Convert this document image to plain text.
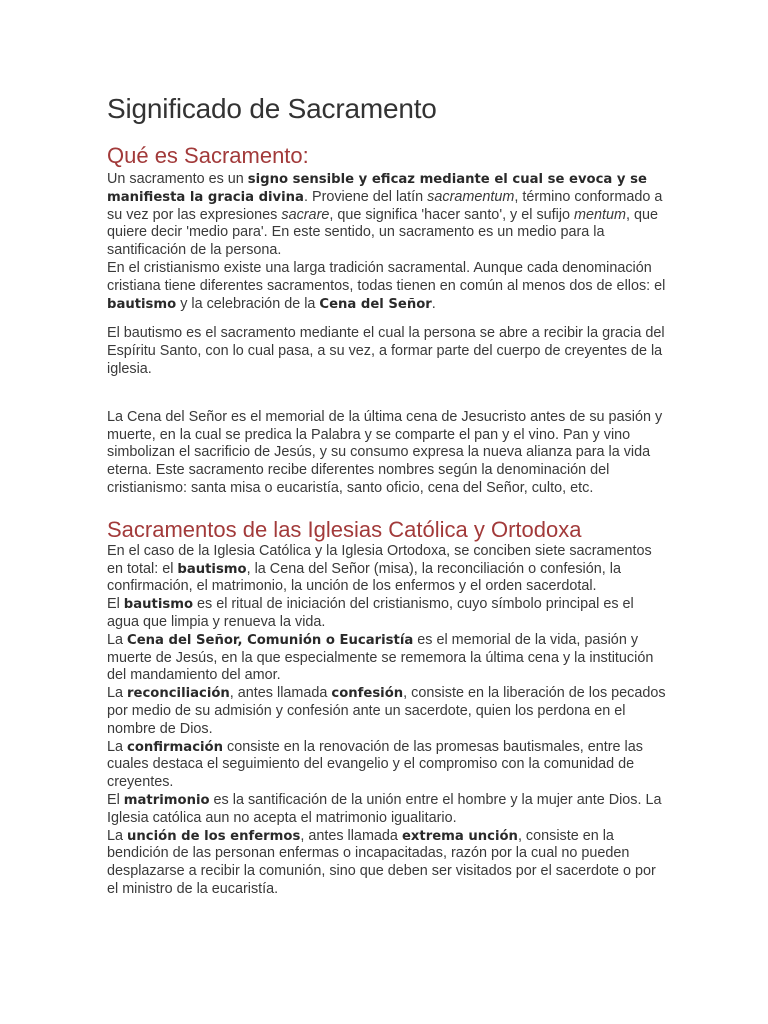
Significado de Sacramento
Qué es Sacramento:

Un sacramento es un signo sensible y eficaz mediante el cual se evoca y se manifiesta la gracia divina. Proviene del latín sacramentum, término conformado a su vez por las expresiones sacrare, que significa 'hacer santo', y el sufijo mentum, que quiere decir 'medio para'. En este sentido, un sacramento es un medio para la santificación de la persona.

En el cristianismo existe una larga tradición sacramental. Aunque cada denominación cristiana tiene diferentes sacramentos, todas tienen en común al menos dos de ellos: el bautismo y la celebración de la Cena del Señor.

El bautismo es el sacramento mediante el cual la persona se abre a recibir la gracia del Espíritu Santo, con lo cual pasa, a su vez, a formar parte del cuerpo de creyentes de la iglesia.

La Cena del Señor es el memorial de la última cena de Jesucristo antes de su pasión y muerte, en la cual se predica la Palabra y se comparte el pan y el vino. Pan y vino simbolizan el sacrificio de Jesús, y su consumo expresa la nueva alianza para la vida eterna. Este sacramento recibe diferentes nombres según la denominación del cristianismo: santa misa o eucaristía, santo oficio, cena del Señor, culto, etc.

Sacramentos de las Iglesias Católica y Ortodoxa

En el caso de la Iglesia Católica y la Iglesia Ortodoxa, se conciben siete sacramentos en total: el bautismo, la Cena del Señor (misa), la reconciliación o confesión, la confirmación, el matrimonio, la unción de los enfermos y el orden sacerdotal.

El bautismo es el ritual de iniciación del cristianismo, cuyo símbolo principal es el agua que limpia y renueva la vida.

La Cena del Señor, Comunión o Eucaristía es el memorial de la vida, pasión y muerte de Jesús, en la que especialmente se rememora la última cena y la institución del mandamiento del amor.

La reconciliación, antes llamada confesión, consiste en la liberación de los pecados por medio de su admisión y confesión ante un sacerdote, quien los perdona en el nombre de Dios.

La confirmación consiste en la renovación de las promesas bautismales, entre las cuales destaca el seguimiento del evangelio y el compromiso con la comunidad de creyentes.

El matrimonio es la santificación de la unión entre el hombre y la mujer ante Dios. La Iglesia católica aun no acepta el matrimonio igualitario.

La unción de los enfermos, antes llamada extrema unción, consiste en la bendición de las personan enfermas o incapacitadas, razón por la cual no pueden desplazarse a recibir la comunión, sino que deben ser visitados por el sacerdote o por el ministro de la eucaristía.
